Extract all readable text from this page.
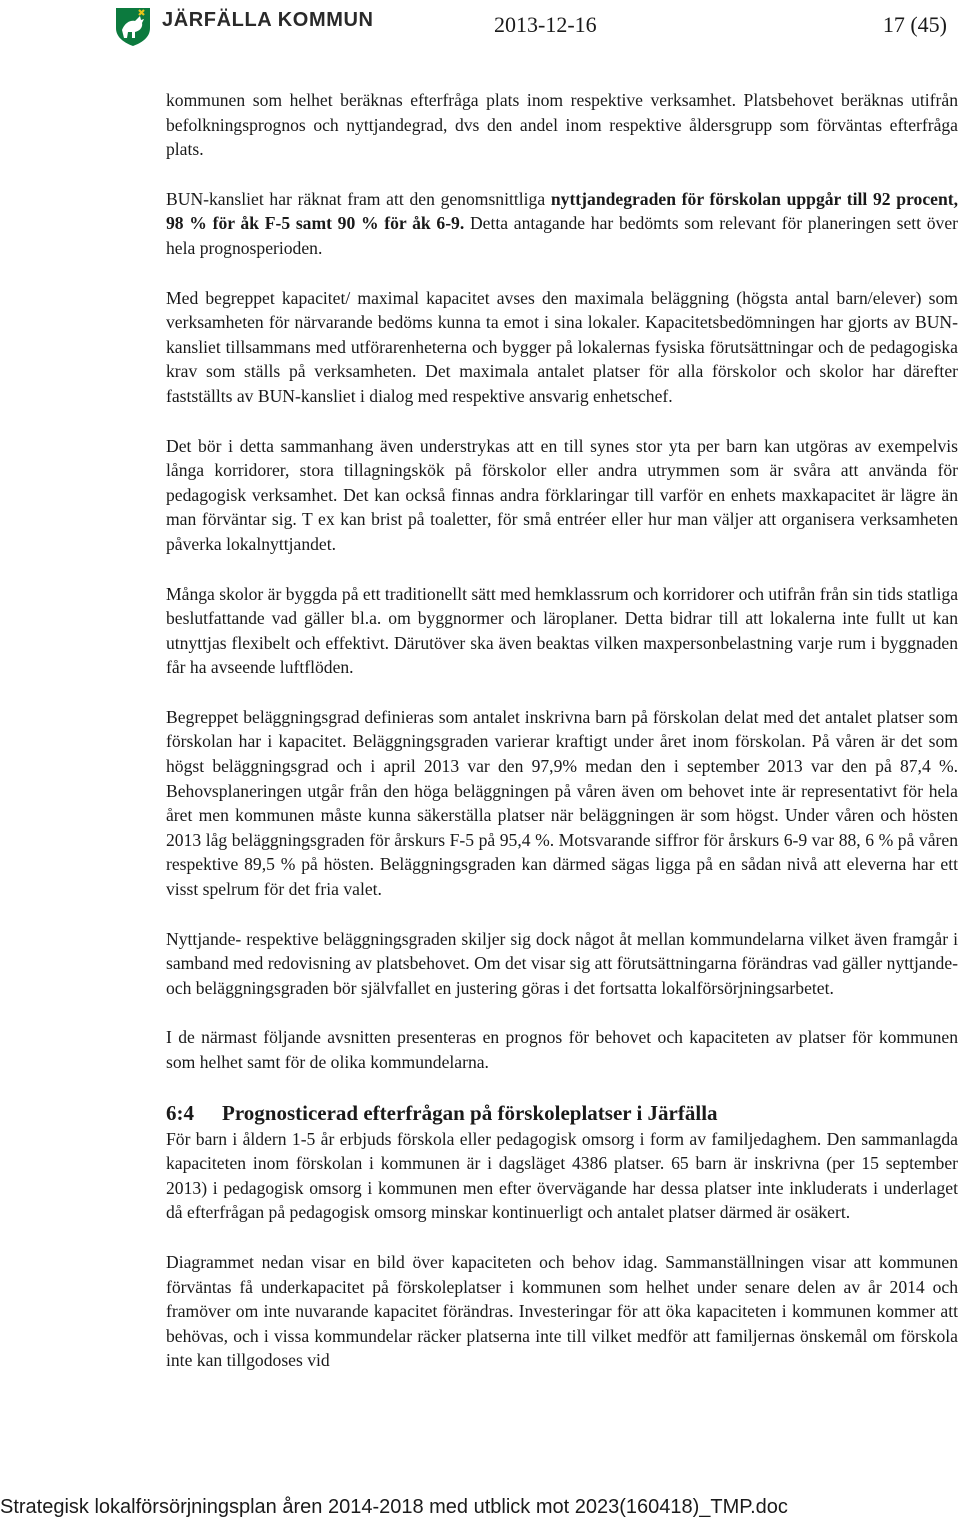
JÄRFÄLLA KOMMUN	2013-12-16	17 (45)

kommunen som helhet beräknas efterfråga plats inom respektive verksamhet. Platsbehovet beräknas utifrån befolkningsprognos och nyttjandegrad, dvs den andel inom respektive åldersgrupp som förväntas efterfråga plats.

BUN-kansliet har räknat fram att den genomsnittliga nyttjandegraden för förskolan uppgår till 92 procent, 98 % för åk F-5 samt 90 % för åk 6-9. Detta antagande har bedömts som relevant för planeringen sett över hela prognosperioden.

Med begreppet kapacitet/ maximal kapacitet avses den maximala beläggning (högsta antal barn/elever) som verksamheten för närvarande bedöms kunna ta emot i sina lokaler. Kapacitetsbedömningen har gjorts av BUN-kansliet tillsammans med utförarenheterna och bygger på lokalernas fysiska förutsättningar och de pedagogiska krav som ställs på verksamheten. Det maximala antalet platser för alla förskolor och skolor har därefter fastställts av BUN-kansliet i dialog med respektive ansvarig enhetschef.

Det bör i detta sammanhang även understrykas att en till synes stor yta per barn kan utgöras av exempelvis långa korridorer, stora tillagningskök på förskolor eller andra utrymmen som är svåra att använda för pedagogisk verksamhet. Det kan också finnas andra förklaringar till varför en enhets maxkapacitet är lägre än man förväntar sig. T ex kan brist på toaletter, för små entréer eller hur man väljer att organisera verksamheten påverka lokalnyttjandet.

Många skolor är byggda på ett traditionellt sätt med hemklassrum och korridorer och utifrån från sin tids statliga beslutfattande vad gäller bl.a. om byggnormer och läroplaner. Detta bidrar till att lokalerna inte fullt ut kan utnyttjas flexibelt och effektivt. Därutöver ska även beaktas vilken maxpersonbelastning varje rum i byggnaden får ha avseende luftflöden.

Begreppet beläggningsgrad definieras som antalet inskrivna barn på förskolan delat med det antalet platser som förskolan har i kapacitet. Beläggningsgraden varierar kraftigt under året inom förskolan. På våren är det som högst beläggningsgrad och i april 2013 var den 97,9% medan den i september 2013 var den på 87,4 %. Behovsplaneringen utgår från den höga beläggningen på våren även om behovet inte är representativt för hela året men kommunen måste kunna säkerställa platser när beläggningen är som högst. Under våren och hösten 2013 låg beläggningsgraden för årskurs F-5 på 95,4 %. Motsvarande siffror för årskurs 6-9 var 88, 6 % på våren respektive 89,5 % på hösten. Beläggningsgraden kan därmed sägas ligga på en sådan nivå att eleverna har ett visst spelrum för det fria valet.

Nyttjande- respektive beläggningsgraden skiljer sig dock något åt mellan kommundelarna vilket även framgår i samband med redovisning av platsbehovet. Om det visar sig att förutsättningarna förändras vad gäller nyttjande-och beläggningsgraden bör självfallet en justering göras i det fortsatta lokalförsörjningsarbetet.

I de närmast följande avsnitten presenteras en prognos för behovet och kapaciteten av platser för kommunen som helhet samt för de olika kommundelarna.

6:4 Prognosticerad efterfrågan på förskoleplatser i Järfälla

För barn i åldern 1-5 år erbjuds förskola eller pedagogisk omsorg i form av familjedaghem. Den sammanlagda kapaciteten inom förskolan i kommunen är i dagsläget 4386 platser. 65 barn är inskrivna (per 15 september 2013) i pedagogisk omsorg i kommunen men efter övervägande har dessa platser inte inkluderats i underlaget då efterfrågan på pedagogisk omsorg minskar kontinuerligt och antalet platser därmed är osäkert.

Diagrammet nedan visar en bild över kapaciteten och behov idag. Sammanställningen visar att kommunen förväntas få underkapacitet på förskoleplatser i kommunen som helhet under senare delen av år 2014 och framöver om inte nuvarande kapacitet förändras. Investeringar för att öka kapaciteten i kommunen kommer att behövas, och i vissa kommundelar räcker platserna inte till vilket medför att familjernas önskemål om förskola inte kan tillgodoses vid

Strategisk lokalförsörjningsplan åren 2014-2018 med utblick mot 2023(160418)_TMP.doc
